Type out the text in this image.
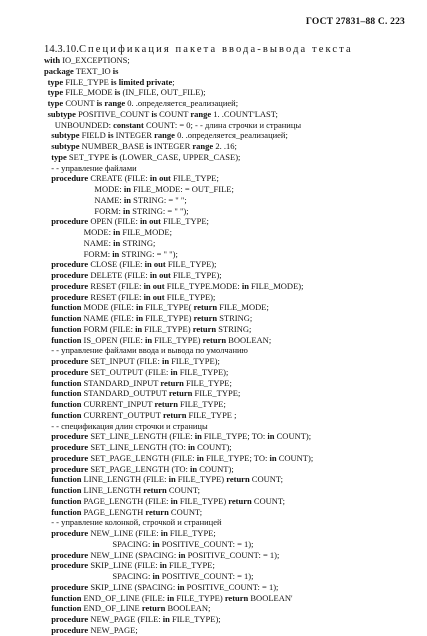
ГОСТ 27831–88 С. 223
14.3.10.Спецификация пакета ввода-вывода текста
with IO_EXCEPTIONS;
package TEXT_IO is
type FILE_TYPE is limited private;
type FILE_MODE is (IN_FILE, OUT_FILE);
type COUNT is range 0. .определяется_реализацией;
subtype POSITIVE_COUNT is COUNT range 1. .COUNT'LAST;
UNBOUNDED: constant COUNT: = 0; - - длина строчки и страницы
subtype FIELD is INTEGER range 0. .определяется_реализацией;
subtype NUMBER_BASE is INTEGER range 2. .16;
type SET_TYPE is (LOWER_CASE, UPPER_CASE);
- - управление файлами
procedure CREATE (FILE: in out FILE_TYPE;
MODE: in FILE_MODE: = OUT_FILE;
NAME: in STRING: = " ";
FORM: in STRING: = " ");
procedure OPEN (FILE: in out FILE_TYPE;
MODE: in FILE_MODE;
NAME: in STRING;
FORM: in STRING: = " ");
procedure CLOSE (FILE: in out FILE_TYPE);
procedure DELETE (FILE: in out FILE_TYPE);
procedure RESET (FILE: in out FILE_TYPE.MODE: in FILE_MODE);
procedure RESET (FILE: in out FILE_TYPE);
function MODE (FILE: in FILE_TYPE( return FILE_MODE;
function NAME (FILE: in FILE_TYPE) return STRING;
function FORM (FILE: in FILE_TYPE) return STRING;
function IS_OPEN (FILE: in FILE_TYPE) return BOOLEAN;
- - управление файлами ввода и вывода по умолчанию
procedure SET_INPUT (FILE: in FILE_TYPE);
procedure SET_OUTPUT (FILE: in FILE_TYPE);
function STANDARD_INPUT return FILE_TYPE;
function STANDARD_OUTPUT return FILE_TYPE;
function CURRENT_INPUT return FILE_TYPE;
function CURRENT_OUTPUT return FILE_TYPE ;
- - спецификация длин строчки и страницы
procedure SET_LINE_LENGTH (FILE: in FILE_TYPE; TO: in COUNT);
procedure SET_LINE_LENGTH (TO: in COUNT);
procedure SET_PAGE_LENGTH (FILE: in FILE_TYPE; TO: in COUNT);
procedure SET_PAGE_LENGTH (TO: in COUNT);
function LINE_LENGTH (FILE: in FILE_TYPE) return COUNT;
function LINE_LENGTH return COUNT;
function PAGE_LENGTH (FILE: in FILE_TYPE) return COUNT;
function PAGE_LENGTH return COUNT;
- - управление колонкой, строчкой и страницей
procedure NEW_LINE (FILE: in FILE_TYPE;
SPACING: in POSITIVE_COUNT: = 1);
procedure NEW_LINE (SPACING: in POSITIVE_COUNT: = 1);
procedure SKIP_LINE (FILE: in FILE_TYPE;
SPACING: in POSITIVE_COUNT: = 1);
procedure SKIP_LINE (SPACING: in POSITIVE_COUNT: = 1);
function END_OF_LINE (FILE: in FILE_TYPE) return BOOLEAN'
function END_OF_LINE return BOOLEAN;
procedure NEW_PAGE (FILE: in FILE_TYPE);
procedure NEW_PAGE;
